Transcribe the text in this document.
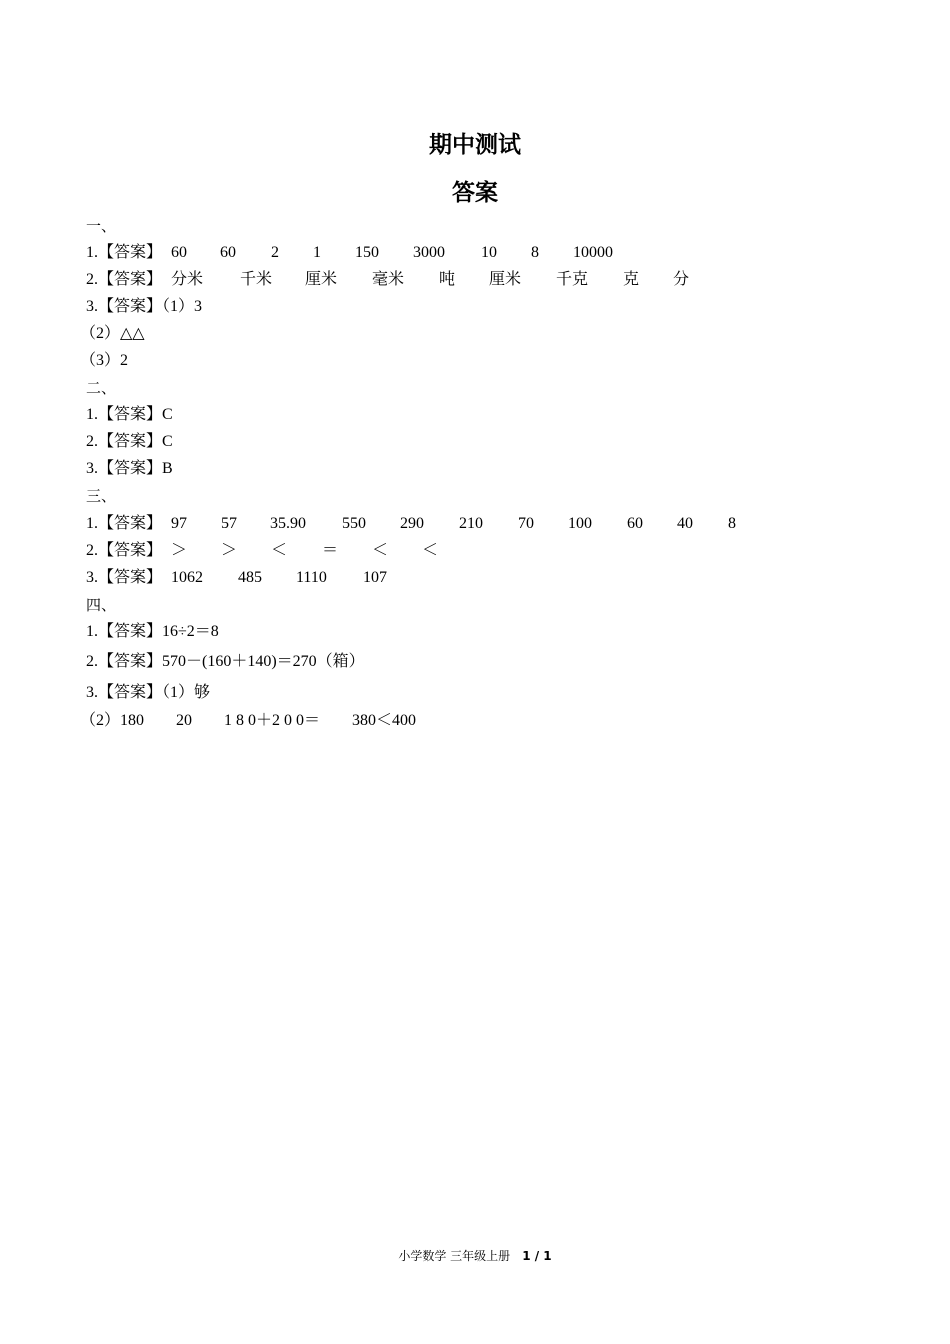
期中测试
答案
一、
1.【答案】 60 60 2 1 150 3000 10 8 10000
2.【答案】 分米 千米 厘米 毫米 吨 厘米 千克 克 分
3.【答案】（1）3
（2）△△
（3）2
二、
1.【答案】C
2.【答案】C
3.【答案】B
三、
1.【答案】 97 57 35.90 550 290 210 70 100 60 40 8
2.【答案】 ＞ ＞ ＜ ＝ ＜ ＜
3.【答案】 1062 485 1110 107
四、
1.【答案】16÷2＝8
2.【答案】570－(160＋140)＝270（箱）
3.【答案】（1）够
（2）180　　20　　1 8 0＋2 0 0＝　　380＜400
小学数学 三年级上册 1 / 1
